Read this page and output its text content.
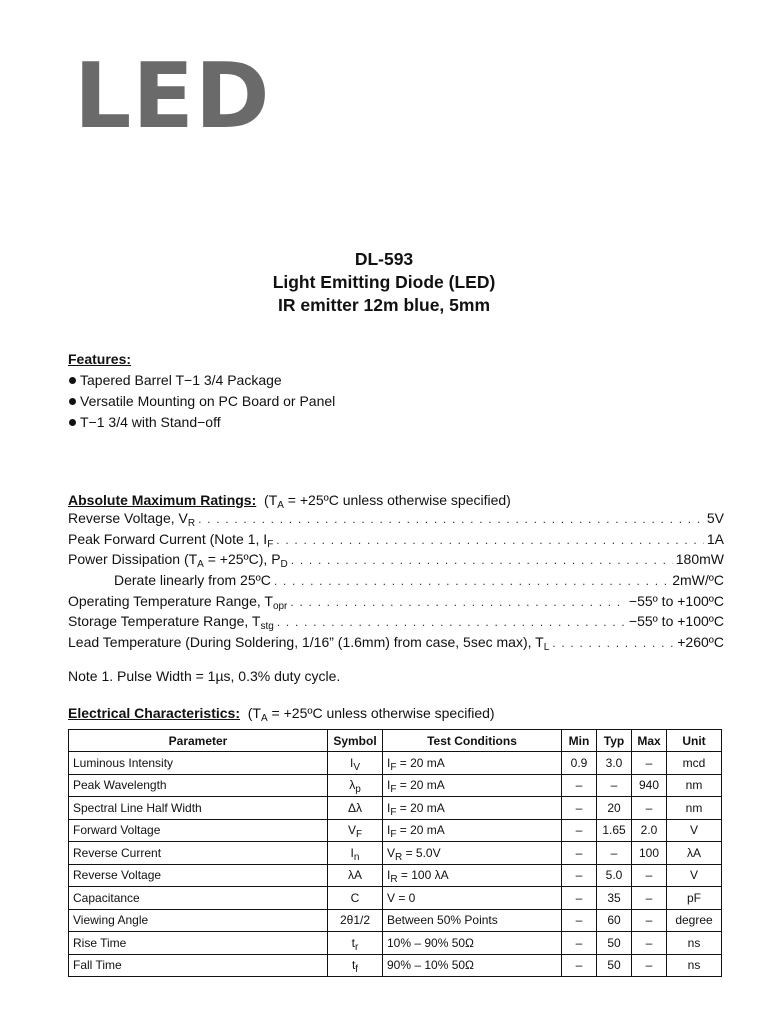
LED
DL-593
Light Emitting Diode (LED)
IR emitter 12m blue, 5mm
Features:
Tapered Barrel T−1 3/4 Package
Versatile Mounting on PC Board or Panel
T−1 3/4 with Stand−off
Absolute Maximum Ratings: ($T_A$ = +25ºC unless otherwise specified)
Reverse Voltage, $V_R$ . . .	5V
Peak Forward Current (Note 1, $I_F$ . . .	1A
Power Dissipation ($T_A$ = +25ºC), $P_D$ . . .	180mW
Derate linearly from 25ºC . . .	2mW/ºC
Operating Temperature Range, $T_{opr}$ . . .	−55º to +100ºC
Storage Temperature Range, $T_{stg}$ . . .	−55º to +100ºC
Lead Temperature (During Soldering, 1/16” (1.6mm) from case, 5sec max), $T_L$ . . .	+260ºC
Note 1. Pulse Width = 1µs, 0.3% duty cycle.
Electrical Characteristics: ($T_A$ = +25ºC unless otherwise specified)
Parameter	Symbol	Test Conditions	Min	Typ	Max	Unit
Luminous Intensity	$I_V$	$I_F = 20$ mA	0.9	3.0	–	mcd
Peak Wavelength	$\lambda_p$	$I_F = 20$ mA	–	–	940	nm
Spectral Line Half Width	Δλ	$I_F = 20$ mA	–	20	–	nm
Forward Voltage	$V_F$	$I_F = 20$ mA	–	1.65	2.0	V
Reverse Current	$I_n$	$V_R = 5.0V$	–	–	100	λA
Reverse Voltage	λA	$I_R = 100$ λA	–	5.0	–	V
Capacitance	C	V = 0	–	35	–	pF
Viewing Angle	2θ1/2	Between 50% Points	–	60	–	degree
Rise Time	$t_r$	10% – 90% 50Ω	–	50	–	ns
Fall Time	$t_f$	90% – 10% 50Ω	–	50	–	ns
